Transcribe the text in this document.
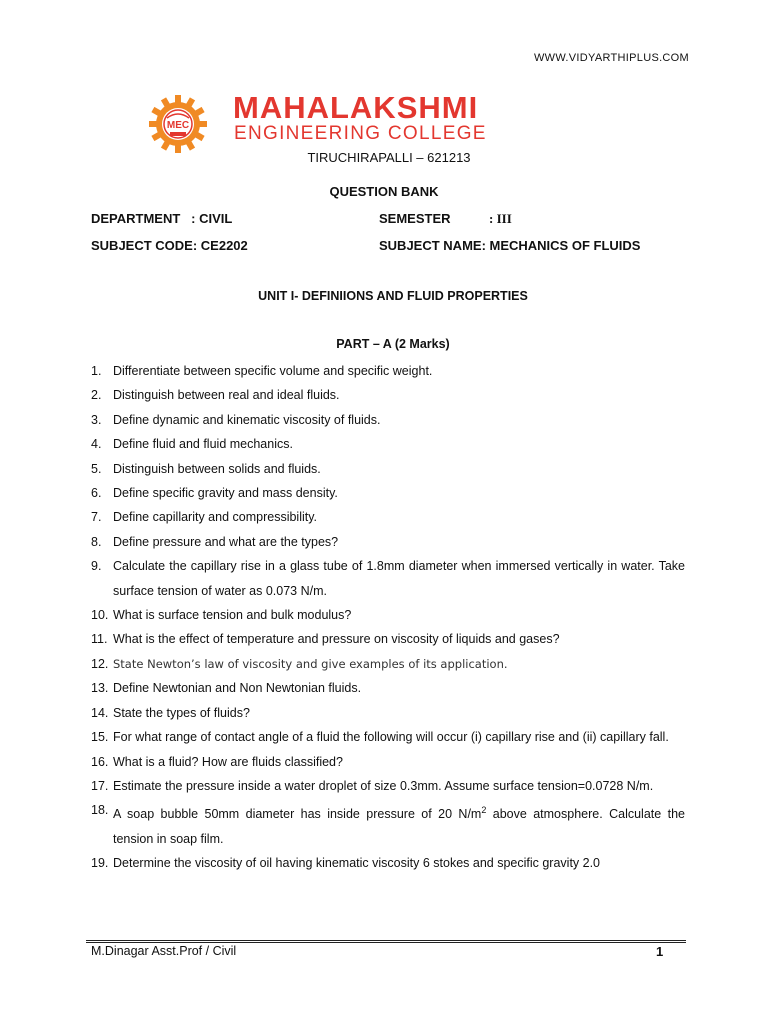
WWW.VIDYARTHIPLUS.COM
MEC
MAHALAKSHMI
ENGINEERING COLLEGE
TIRUCHIRAPALLI – 621213
QUESTION BANK
DEPARTMENT   : CIVIL	SEMESTER	: III
SUBJECT CODE: CE2202	SUBJECT NAME: MECHANICS OF FLUIDS
UNIT I- DEFINIIONS AND FLUID PROPERTIES
PART – A (2 Marks)
1. Differentiate between specific volume and specific weight.
2. Distinguish between real and ideal fluids.
3. Define dynamic and kinematic viscosity of fluids.
4. Define fluid and fluid mechanics.
5. Distinguish between solids and fluids.
6. Define specific gravity and mass density.
7. Define capillarity and compressibility.
8. Define pressure and what are the types?
9. Calculate the capillary rise in a glass tube of 1.8mm diameter when immersed vertically in water. Take surface tension of water as 0.073 N/m.
10. What is surface tension and bulk modulus?
11. What is the effect of temperature and pressure on viscosity of liquids and gases?
12. State Newton’s law of viscosity and give examples of its application.
13. Define Newtonian and Non Newtonian fluids.
14. State the types of fluids?
15. For what range of contact angle of a fluid the following will occur (i) capillary rise and (ii) capillary fall.
16. What is a fluid? How are fluids classified?
17. Estimate the pressure inside a water droplet of size 0.3mm. Assume surface tension=0.0728 N/m.
18. A soap bubble 50mm diameter has inside pressure of 20 $N/m^2$ above atmosphere. Calculate the tension in soap film.
19. Determine the viscosity of oil having kinematic viscosity 6 stokes and specific gravity 2.0
M.Dinagar Asst.Prof / Civil	1
